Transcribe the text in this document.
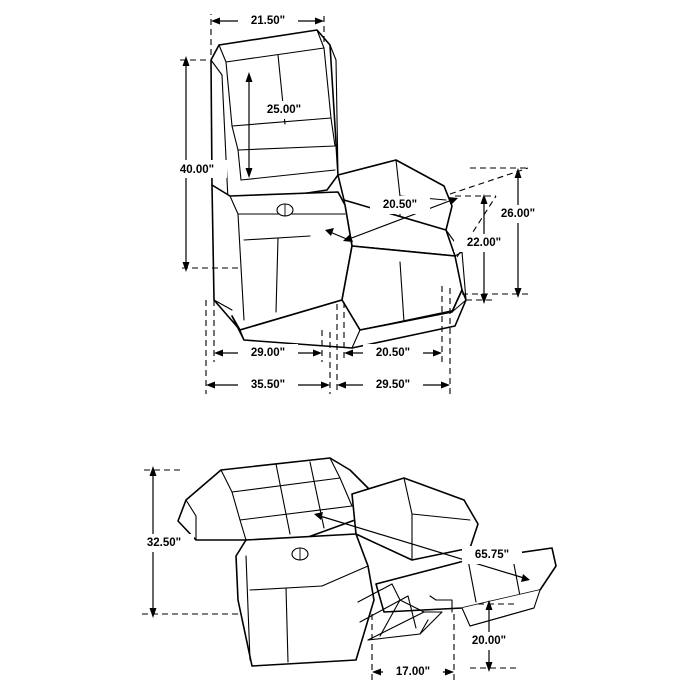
21.50"
25.00"
40.00"
20.50"
26.00"
22.00"
29.00"	20.50"
35.50"	29.50"
32.50"
65.75"
20.00"
17.00"
